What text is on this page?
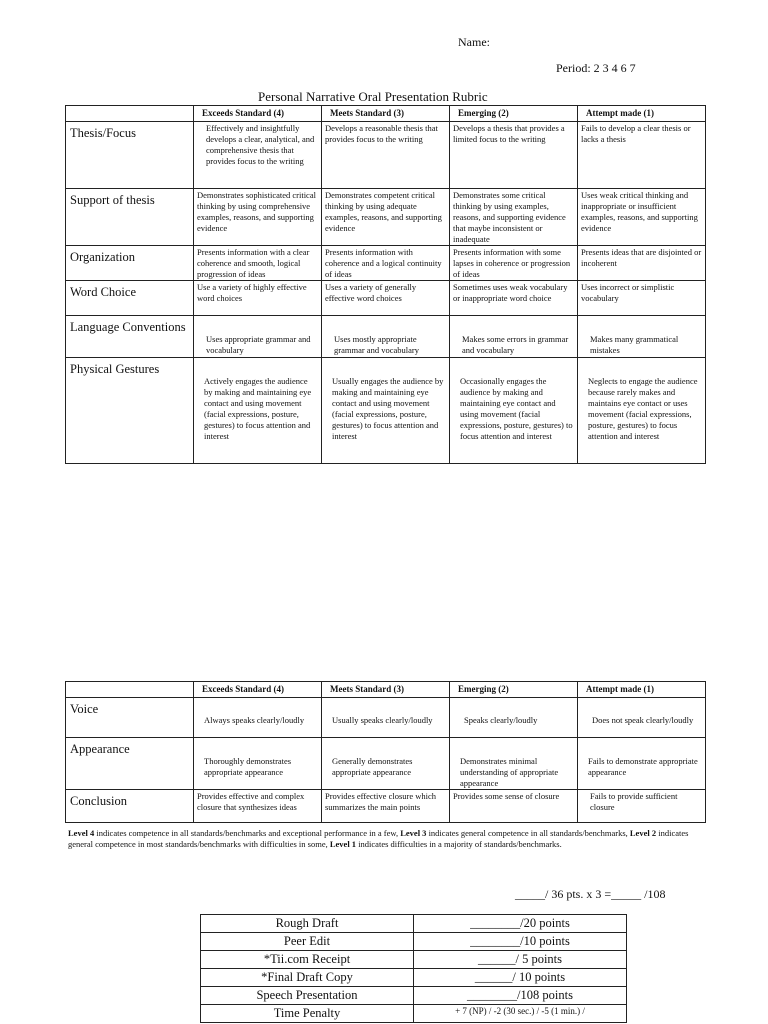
Name:
Period: 2 3 4 6 7
Personal Narrative Oral Presentation Rubric
	Exceeds Standard (4)	Meets Standard (3)	Emerging (2)	Attempt made (1)
Thesis/Focus	Effectively and insightfully develops a clear, analytical, and comprehensive thesis that provides focus to the writing	Develops a reasonable thesis that provides focus to the writing	Develops a thesis that provides a limited focus to the writing	Fails to develop a clear thesis or lacks a thesis
Support of thesis	Demonstrates sophisticated critical thinking by using comprehensive examples, reasons, and supporting evidence	Demonstrates competent critical thinking by using adequate examples, reasons, and supporting evidence	Demonstrates some critical thinking by using examples, reasons, and supporting evidence that maybe inconsistent or inadequate	Uses weak critical thinking and inappropriate or insufficient examples, reasons, and supporting evidence
Organization	Presents information with a clear coherence and smooth, logical progression of ideas	Presents information with coherence and a logical continuity of ideas	Presents information with some lapses in coherence or progression of ideas	Presents ideas that are disjointed or incoherent
Word Choice	Use a variety of highly effective word choices	Uses a variety of generally effective word choices	Sometimes uses weak vocabulary or inappropriate word choice	Uses incorrect or simplistic vocabulary
Language Conventions	Uses appropriate grammar and vocabulary	Uses mostly appropriate grammar and vocabulary	Makes some errors in grammar and vocabulary	Makes many grammatical mistakes
Physical Gestures	Actively engages the audience by making and maintaining eye contact and using movement (facial expressions, posture, gestures) to focus attention and interest	Usually engages the audience by making and maintaining eye contact and using movement (facial expressions, posture, gestures) to focus attention and interest	Occasionally engages the audience by making and maintaining eye contact and using movement (facial expressions, posture, gestures) to focus attention and interest	Neglects to engage the audience because rarely makes and maintains eye contact or uses movement (facial expressions, posture, gestures) to focus attention and interest
	Exceeds Standard (4)	Meets Standard (3)	Emerging (2)	Attempt made (1)
Voice	Always speaks clearly/loudly	Usually speaks clearly/loudly	Speaks clearly/loudly	Does not speak clearly/loudly
Appearance	Thoroughly demonstrates appropriate appearance	Generally demonstrates appropriate appearance	Demonstrates minimal understanding of appropriate appearance	Fails to demonstrate appropriate appearance
Conclusion	Provides effective and complex closure that synthesizes ideas	Provides effective closure which summarizes the main points	Provides some sense of closure	Fails to provide sufficient closure
Level 4 indicates competence in all standards/benchmarks and exceptional performance in a few, Level 3 indicates general competence in all standards/benchmarks, Level 2 indicates general competence in most standards/benchmarks with difficulties in some, Level 1 indicates difficulties in a majority of standards/benchmarks.
_____/ 36 pts. x 3 =_____ /108
Rough Draft	________/20 points
Peer Edit	________/10 points
*Tii.com Receipt	______/ 5 points
*Final Draft Copy	______/ 10 points
Speech Presentation	________/108 points
Time Penalty	+ 7 (NP) / -2 (30 sec.) / -5 (1 min.) /
